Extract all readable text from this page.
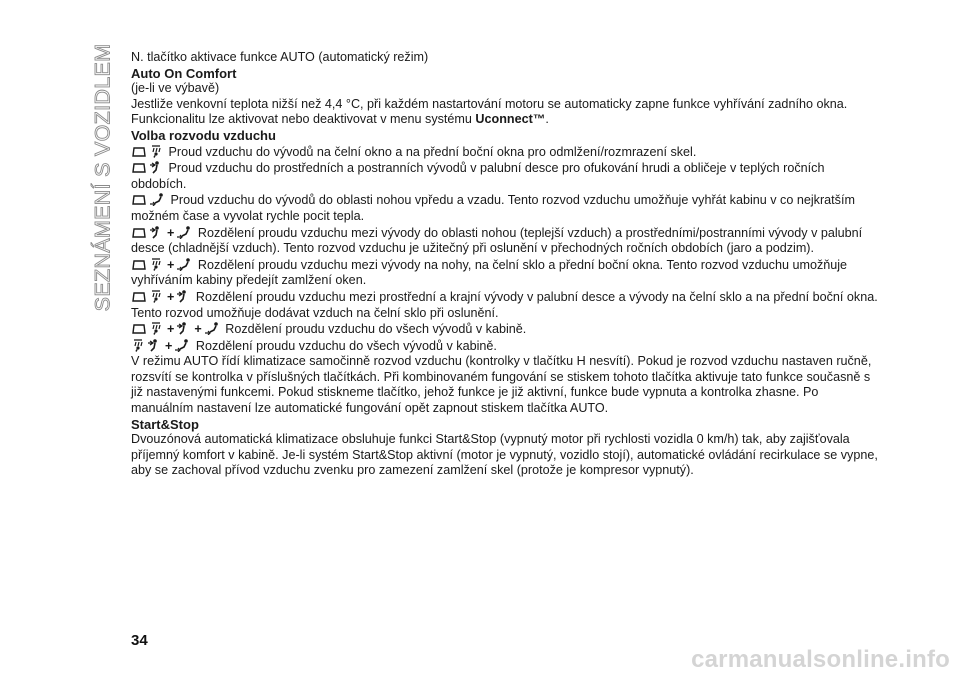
SEZNÁMENÍ S VOZIDLEM N. tlačítko aktivace funkce AUTO (automatický režim)

Auto On Comfort

(je-li ve výbavě)

Jestliže venkovní teplota nižší než 4,4 °C, při každém nastartování motoru se automaticky zapne funkce vyhřívání zadního okna. Funkcionalitu lze aktivovat nebo deaktivovat v menu systému Uconnect™.

Volba rozvodu vzduchu

Proud vzduchu do vývodů na čelní okno a na přední boční okna pro odmlžení/rozmrazení skel.

Proud vzduchu do prostředních a postranních vývodů v palubní desce pro ofukování hrudi a obličeje v teplých ročních obdobích.

Proud vzduchu do vývodů do oblasti nohou vpředu a vzadu. Tento rozvod vzduchu umožňuje vyhřát kabinu v co nejkratším možném čase a vyvolat rychle pocit tepla.

+ Rozdělení proudu vzduchu mezi vývody do oblasti nohou (teplejší vzduch) a prostředními/postranními vývody v palubní desce (chladnější vzduch). Tento rozvod vzduchu je užitečný při oslunění v přechodných ročních obdobích (jaro a podzim).

+ Rozdělení proudu vzduchu mezi vývody na nohy, na čelní sklo a přední boční okna. Tento rozvod vzduchu umožňuje vyhříváním kabiny předejít zamlžení oken.

+ Rozdělení proudu vzduchu mezi prostřední a krajní vývody v palubní desce a vývody na čelní sklo a na přední boční okna. Tento rozvod umožňuje dodávat vzduch na čelní sklo při oslunění.

+ + Rozdělení proudu vzduchu do všech vývodů v kabině.

+ Rozdělení proudu vzduchu do všech vývodů v kabině.

V režimu AUTO řídí klimatizace samočinně rozvod vzduchu (kontrolky v tlačítku H nesvítí). Pokud je rozvod vzduchu nastaven ručně, rozsvítí se kontrolka v příslušných tlačítkách. Při kombinovaném fungování se stiskem tohoto tlačítka aktivuje tato funkce současně s již nastavenými funkcemi. Pokud stiskneme tlačítko, jehož funkce je již aktivní, funkce bude vypnuta a kontrolka zhasne. Po manuálním nastavení lze automatické fungování opět zapnout stiskem tlačítka AUTO.

Start&Stop

Dvouzónová automatická klimatizace obsluhuje funkci Start&Stop (vypnutý motor při rychlosti vozidla 0 km/h) tak, aby zajišťovala příjemný komfort v kabině. Je-li systém Start&Stop aktivní (motor je vypnutý, vozidlo stojí), automatické ovládání recirkulace se vypne, aby se zachoval přívod vzduchu zvenku pro zamezení zamlžení skel (protože je kompresor vypnutý).

34
carmanualsonline.info
